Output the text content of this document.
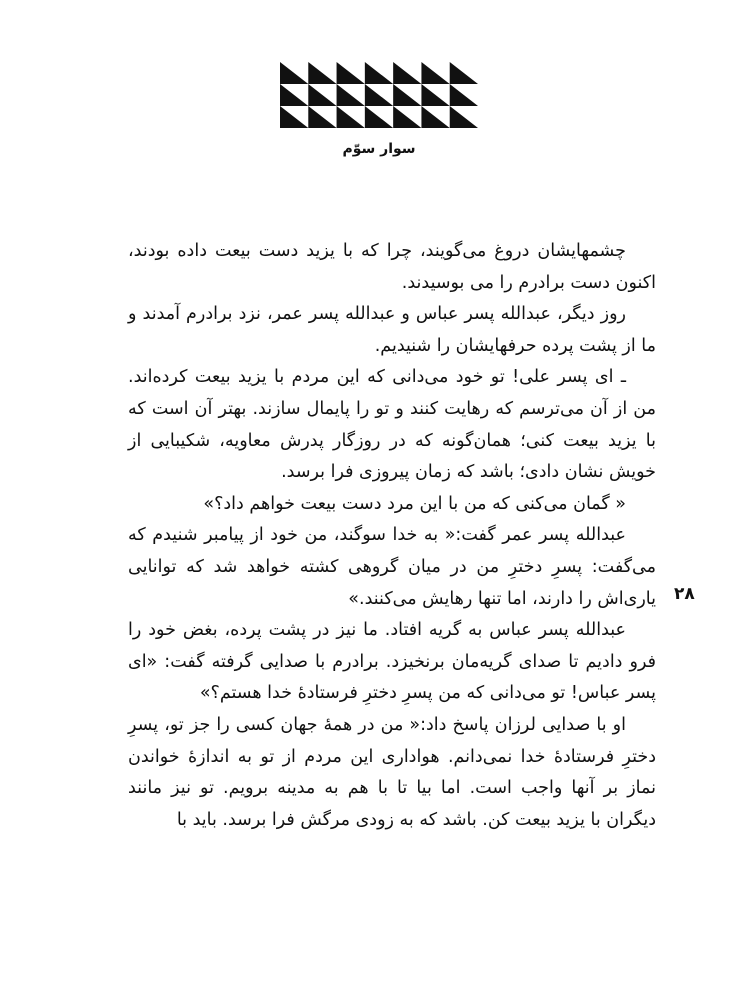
سوار سوّم
۲۸

چشمهایشان دروغ می‌گویند، چرا که با یزید دست بیعت داده بودند، اکنون دست برادرم را می بوسیدند.

روز دیگر، عبدالله پسر عباس و عبدالله پسر عمر، نزد برادرم آمدند و ما از پشت پرده حرفهایشان را شنیدیم.

ـ ای پسر علی! تو خود می‌دانی که این مردم با یزید بیعت کرده‌اند. من از آن می‌ترسم که رهایت کنند و تو را پایمال سازند. بهتر آن است که با یزید بیعت کنی؛ همان‌گونه که در روزگار پدرش معاویه، شکیبایی از خویش نشان دادی؛ باشد که زمان پیروزی فرا برسد.

« گمان می‌کنی که من با این مرد دست بیعت خواهم داد؟»

عبدالله پسر عمر گفت:« به خدا سوگند، من خود از پیامبر شنیدم که می‌گفت: پسرِ دخترِ من در میان گروهی کشته خواهد شد که توانایی یاری‌اش را دارند، اما تنها رهایش می‌کنند.»

عبدالله پسر عباس به گریه افتاد. ما نیز در پشت پرده، بغض خود را فرو دادیم تا صدای گریه‌مان برنخیزد. برادرم با صدایی گرفته گفت: «ای پسر عباس! تو می‌دانی که من پسرِ دخترِ فرستادهٔ خدا هستم؟»

او با صدایی لرزان پاسخ داد:« من در همهٔ جهان کسی را جز تو، پسرِ دخترِ فرستادهٔ خدا نمی‌دانم. هواداری این مردم از تو به اندازهٔ خواندن نماز بر آنها واجب است. اما بیا تا با هم به مدینه برویم. تو نیز مانند دیگران با یزید بیعت کن. باشد که به زودی مرگش فرا برسد. باید با
